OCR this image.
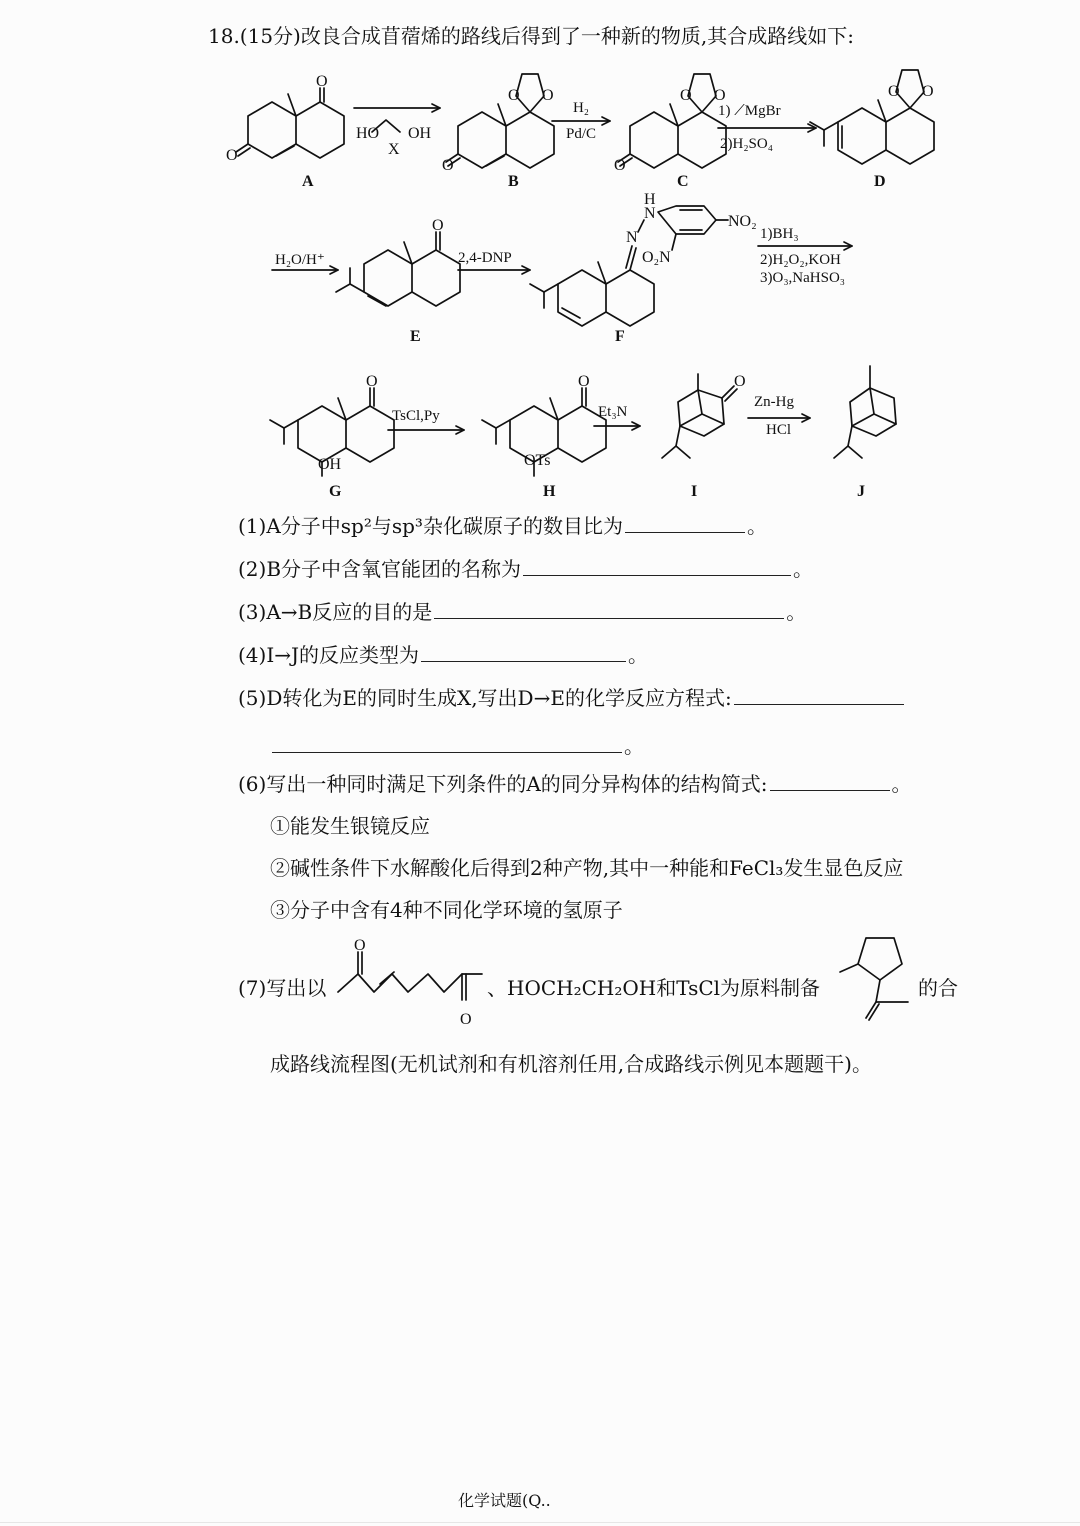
18.(15分)改良合成苜蓿烯的路线后得到了一种新的物质,其合成路线如下:
O
O
A
HO OH
X
O O
O
B
H₂
Pd/C
O O
O
C
1) ⟋MgBr
2)H₂SO₄
O O
D
H₂O/H⁺
O
E
2,4-DNP
N
N
H
NO₂
O₂N
F
1)BH₃
2)H₂O₂,KOH
3)O₃,NaHSO₃
O
OH
G
TsCl,Py
O
OTs
H
Et₃N
O
I
Zn-Hg
HCl
J
(1)A分子中sp²与sp³杂化碳原子的数目比为	。
(2)B分子中含氧官能团的名称为	。
(3)A→B反应的目的是	。
(4)I→J的反应类型为	。
(5)D转化为E的同时生成X,写出D→E的化学反应方程式:
。
(6)写出一种同时满足下列条件的A的同分异构体的结构简式:	。
①能发生银镜反应
②碱性条件下水解酸化后得到2种产物,其中一种能和FeCl₃发生显色反应
③分子中含有4种不同化学环境的氢原子
(7)写出以
O
O
、HOCH₂CH₂OH和TsCl为原料制备	的合
成路线流程图(无机试剂和有机溶剂任用,合成路线示例见本题题干)。
化学试题(Q..
